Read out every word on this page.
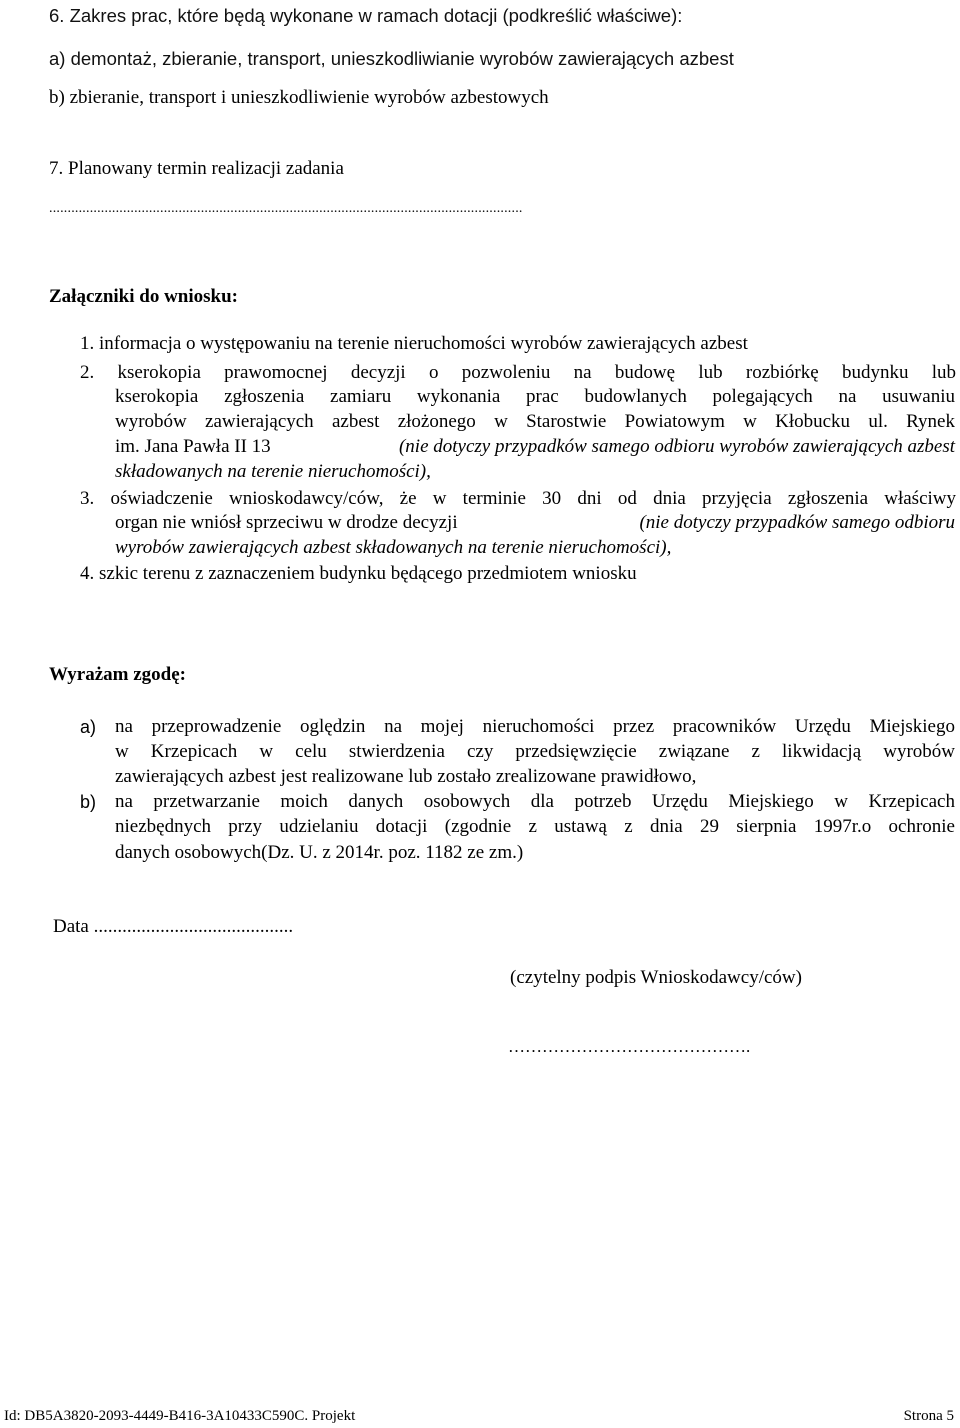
6. Zakres prac, które będą wykonane w ramach dotacji (podkreślić właściwe):
a) demontaż, zbieranie, transport, unieszkodliwianie wyrobów zawierających azbest
b) zbieranie, transport i unieszkodliwienie wyrobów azbestowych
7. Planowany termin realizacji zadania
................................................................................................................................
Załączniki do wniosku:
1. informacja o występowaniu na terenie nieruchomości wyrobów zawierających azbest
2. kserokopia prawomocnej decyzji o pozwoleniu na budowę lub rozbiórkę budynku lub
kserokopia zgłoszenia zamiaru wykonania prac budowlanych polegających na usuwaniu
wyrobów zawierających azbest złożonego w Starostwie Powiatowym w Kłobucku ul. Rynek
im. Jana Pawła II 13	(nie dotyczy przypadków samego odbioru wyrobów zawierających azbest
składowanych na terenie nieruchomości),
3. oświadczenie wnioskodawcy/ców, że w terminie 30 dni od dnia przyjęcia zgłoszenia właściwy
organ nie wniósł sprzeciwu w drodze decyzji	(nie dotyczy przypadków samego odbioru
wyrobów zawierających azbest składowanych na terenie nieruchomości),
4. szkic terenu z zaznaczeniem budynku będącego przedmiotem wniosku
Wyrażam zgodę:
a) na przeprowadzenie oględzin na mojej nieruchomości przez pracowników Urzędu Miejskiego
w Krzepicach w celu stwierdzenia czy przedsięwzięcie związane z likwidacją wyrobów
zawierających azbest jest realizowane lub zostało zrealizowane prawidłowo,
b) na przetwarzanie moich danych osobowych dla potrzeb Urzędu Miejskiego w Krzepicach
niezbędnych przy udzielaniu dotacji (zgodnie z ustawą z dnia 29 sierpnia 1997r.o ochronie
danych osobowych(Dz. U. z 2014r. poz. 1182 ze zm.)
Data ..........................................
(czytelny podpis Wnioskodawcy/ców)
…………………………………….
Id: DB5A3820-2093-4449-B416-3A10433C590C. Projekt	Strona 5
